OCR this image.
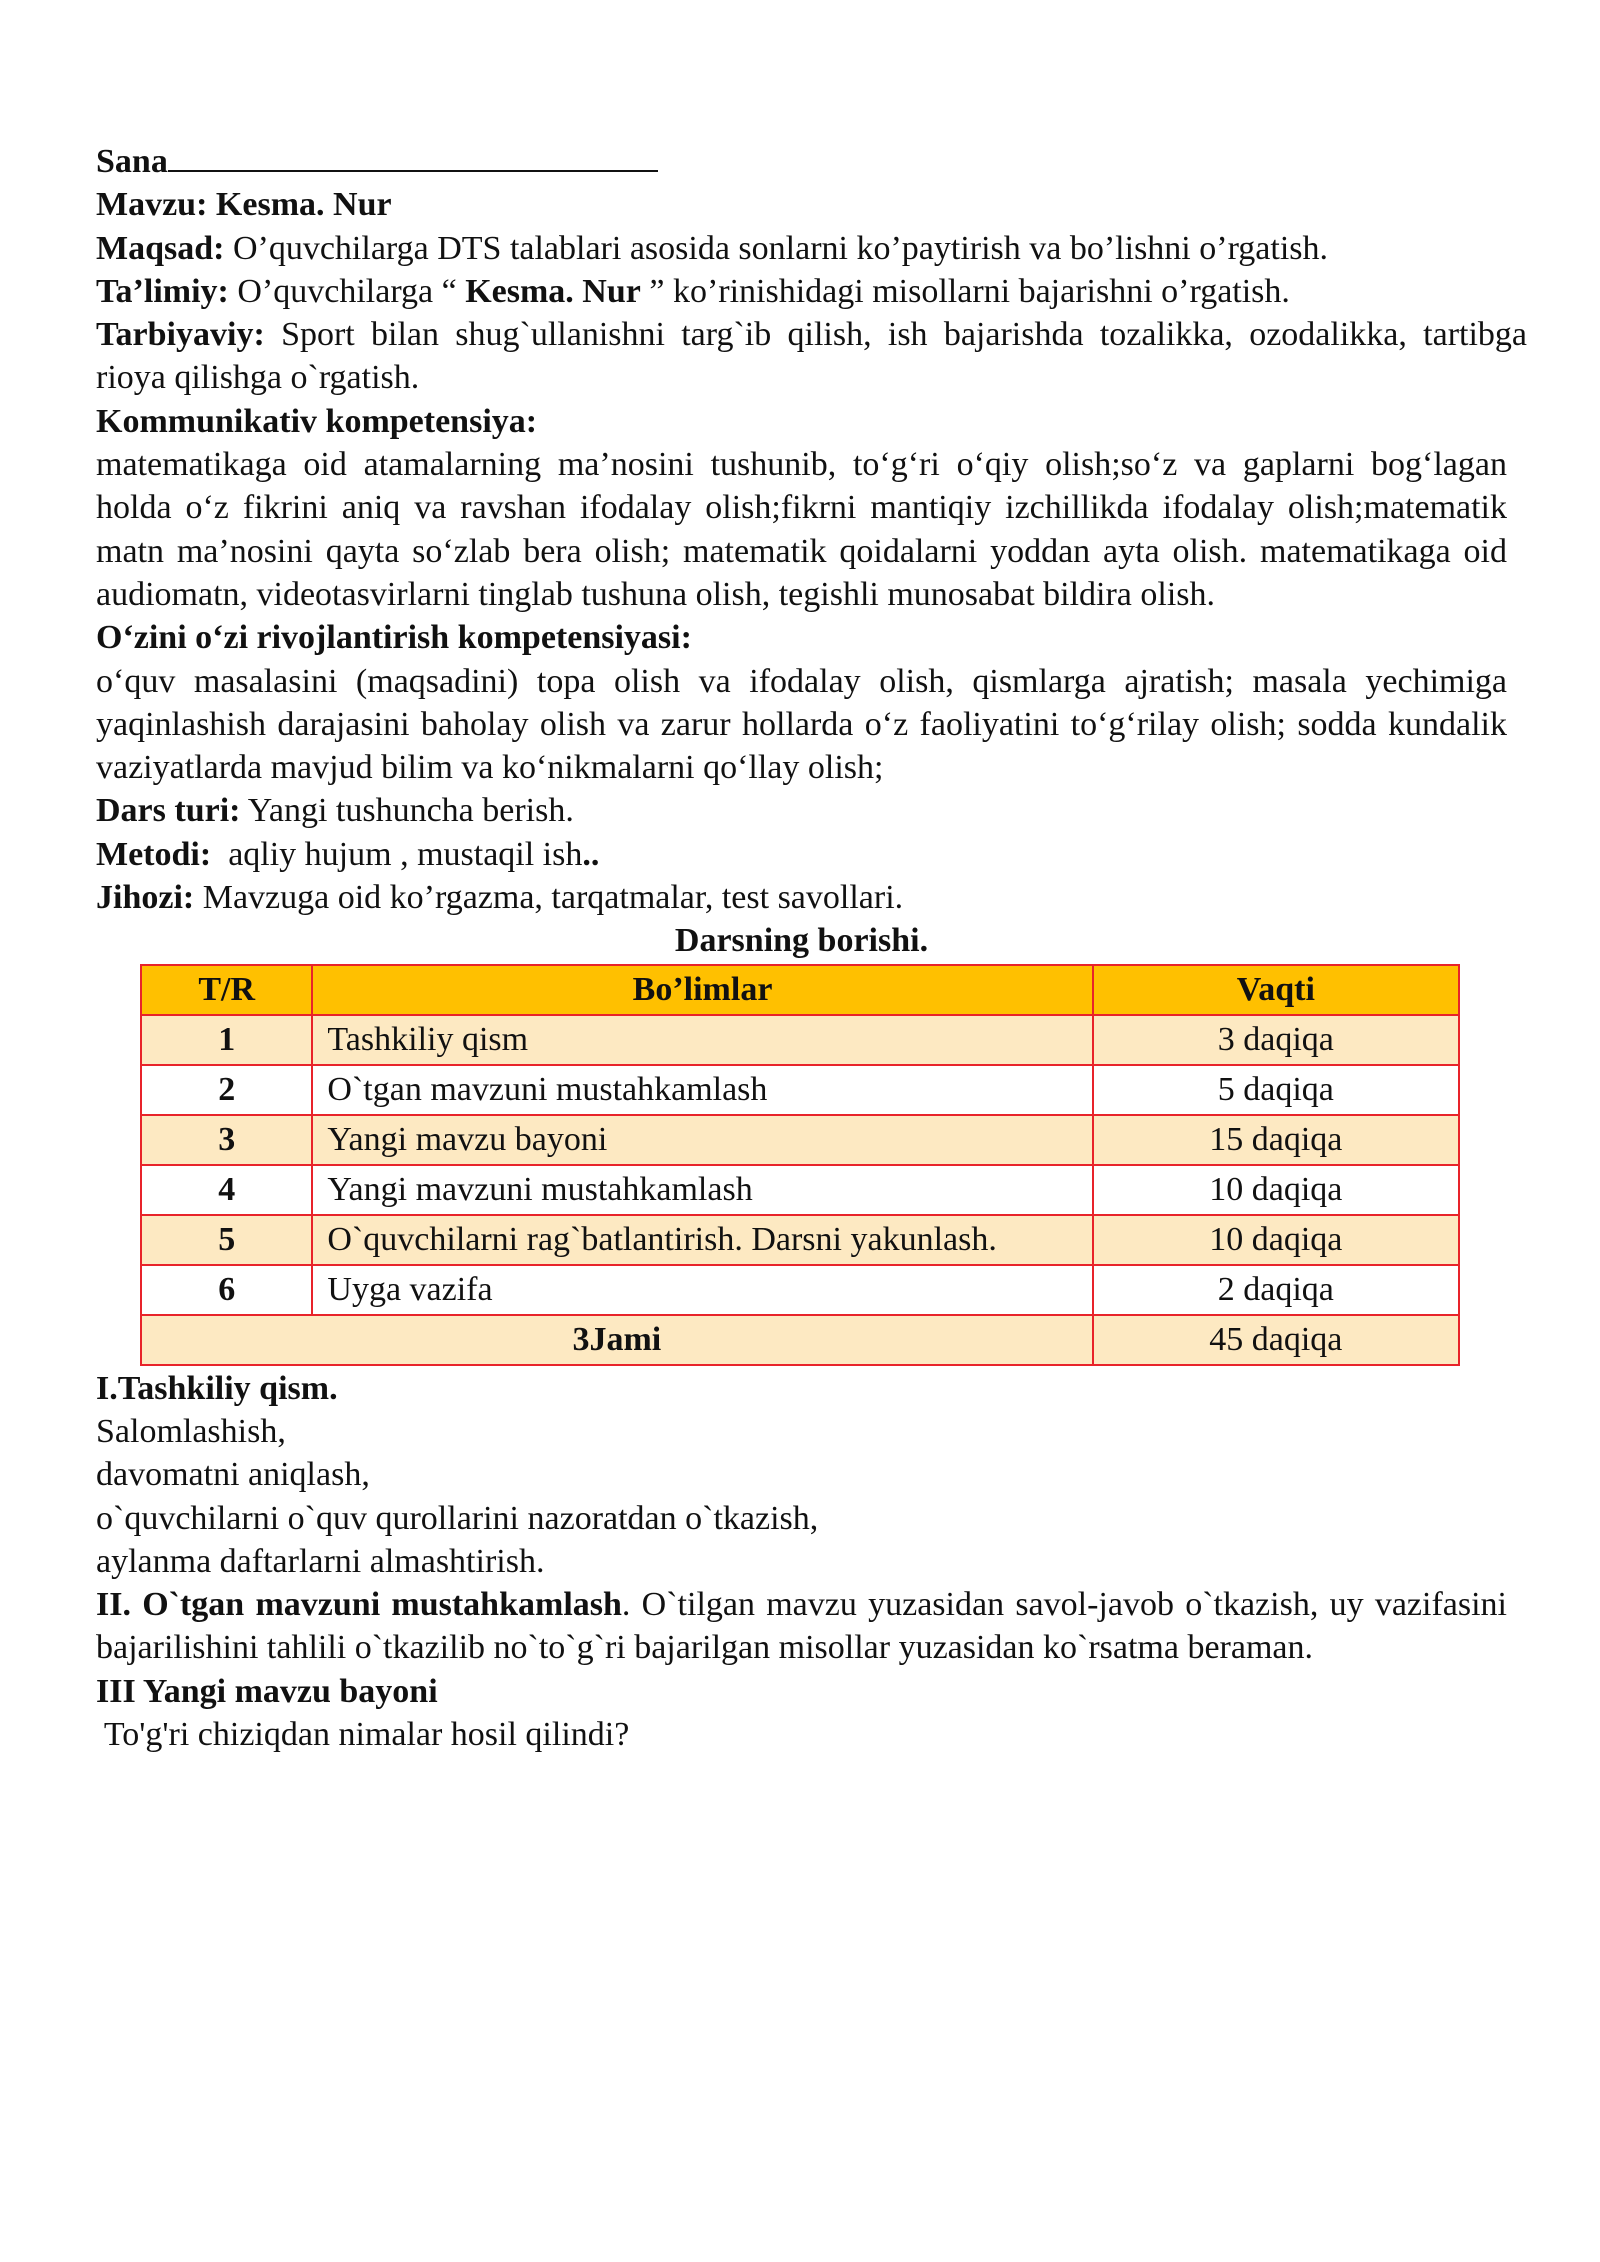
Sana

Mavzu: Kesma. Nur

Maqsad: O’quvchilarga DTS talablari asosida sonlarni ko’paytirish va bo’lishni o’rgatish.

Ta’limiy: O’quvchilarga “ Kesma. Nur ” ko’rinishidagi misollarni bajarishni o’rgatish.

Tarbiyaviy: Sport bilan shug`ullanishni targ`ib qilish, ish bajarishda tozalikka, ozodalikka, tartibga rioya qilishga o`rgatish.

Kommunikativ kompetensiya:

matematikaga oid atamalarning ma’nosini tushunib, to‘g‘ri o‘qiy olish;so‘z va gaplarni bog‘lagan holda o‘z fikrini aniq va ravshan ifodalay olish;fikrni mantiqiy izchillikda ifodalay olish;matematik matn ma’nosini qayta so‘zlab bera olish; matematik qoidalarni yoddan ayta olish. matematikaga oid audiomatn, videotasvirlarni tinglab tushuna olish, tegishli munosabat bildira olish.

O‘zini o‘zi rivojlantirish kompetensiyasi:

o‘quv masalasini (maqsadini) topa olish va ifodalay olish, qismlarga ajratish; masala yechimiga yaqinlashish darajasini baholay olish va zarur hollarda o‘z faoliyatini to‘g‘rilay olish; sodda kundalik vaziyatlarda mavjud bilim va ko‘nikmalarni qo‘llay olish;

Dars turi: Yangi tushuncha berish.

Metodi: aqliy hujum , mustaqil ish..

Jihozi: Mavzuga oid ko’rgazma, tarqatmalar, test savollari.

Darsning borishi.

T/R	Bo’limlar	Vaqti
1	Tashkiliy qism	3 daqiqa
2	O`tgan mavzuni mustahkamlash	5 daqiqa
3	Yangi mavzu bayoni	15 daqiqa
4	Yangi mavzuni mustahkamlash	10 daqiqa
5	O`quvchilarni rag`batlantirish. Darsni yakunlash.	10 daqiqa
6	Uyga vazifa	2 daqiqa
3Jami		45 daqiqa

I.Tashkiliy qism.

Salomlashish,

davomatni aniqlash,

o`quvchilarni o`quv qurollarini nazoratdan o`tkazish,

aylanma daftarlarni almashtirish.

II. O`tgan mavzuni mustahkamlash. O`tilgan mavzu yuzasidan savol-javob o`tkazish, uy vazifasini bajarilishini tahlili o`tkazilib no`to`g`ri bajarilgan misollar yuzasidan ko`rsatma beraman.

III Yangi mavzu bayoni

To'g'ri chiziqdan nimalar hosil qilindi?
